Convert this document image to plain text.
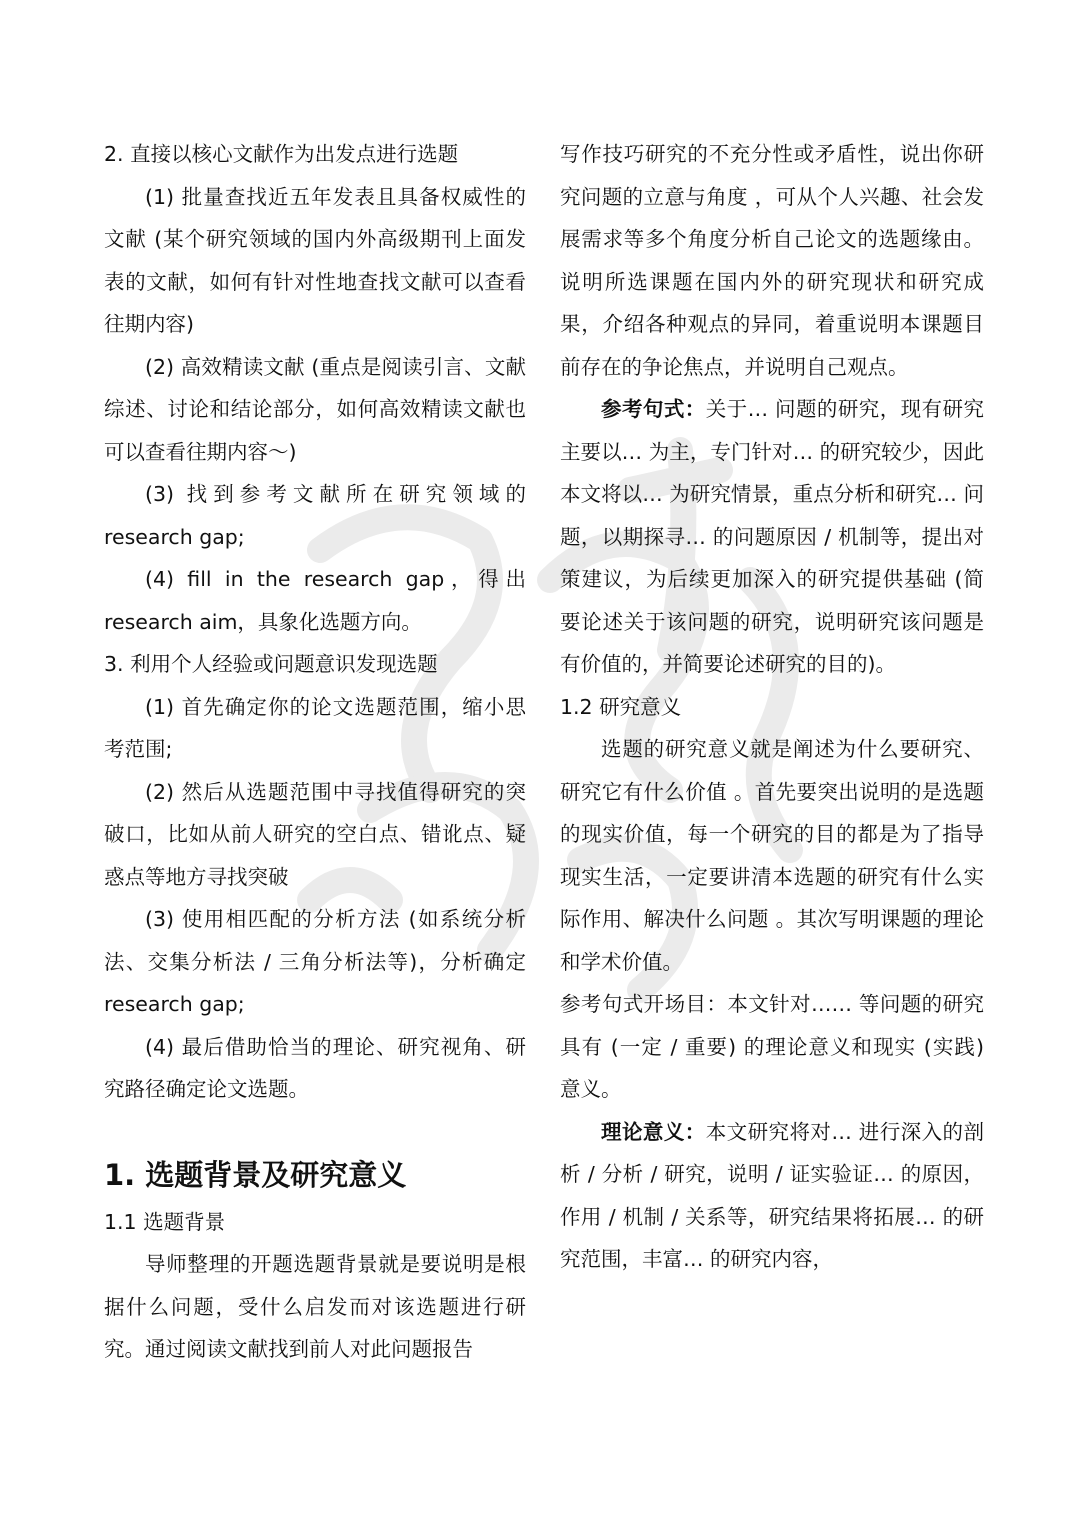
2. 直接以核心文献作为出发点进行选题

(1) 批量查找近五年发表且具备权威性的文献 (某个研究领域的国内外高级期刊上面发表的文献，如何有针对性地查找文献可以查看往期内容)

(2) 高效精读文献 (重点是阅读引言、文献综述、讨论和结论部分，如何高效精读文献也可以查看往期内容～)

(3) 找到参考文献所在研究领域的 research gap;

(4) fill in the research gap，得出 research aim，具象化选题方向。

3. 利用个人经验或问题意识发现选题

(1) 首先确定你的论文选题范围，缩小思考范围;

(2) 然后从选题范围中寻找值得研究的突破口，比如从前人研究的空白点、错讹点、疑惑点等地方寻找突破

(3) 使用相匹配的分析方法 (如系统分析法、交集分析法 / 三角分析法等)，分析确定 research gap;

(4) 最后借助恰当的理论、研究视角、研究路径确定论文选题。

1. 选题背景及研究意义

1.1 选题背景

导师整理的开题选题背景就是要说明是根据什么问题，受什么启发而对该选题进行研究。通过阅读文献找到前人对此问题报告

写作技巧研究的不充分性或矛盾性，说出你研究问题的立意与角度 ，可从个人兴趣、社会发展需求等多个角度分析自己论文的选题缘由。说明所选课题在国内外的研究现状和研究成果，介绍各种观点的异同，着重说明本课题目前存在的争论焦点，并说明自己观点。

参考句式：关于… 问题的研究，现有研究主要以… 为主，专门针对… 的研究较少，因此本文将以… 为研究情景，重点分析和研究… 问题，以期探寻… 的问题原因 / 机制等，提出对策建议，为后续更加深入的研究提供基础 (简要论述关于该问题的研究，说明研究该问题是有价值的，并简要论述研究的目的)。

1.2 研究意义

选题的研究意义就是阐述为什么要研究、研究它有什么价值 。首先要突出说明的是选题的现实价值，每一个研究的目的都是为了指导现实生活，一定要讲清本选题的研究有什么实际作用、解决什么问题 。其次写明课题的理论和学术价值。

参考句式开场目：本文针对…… 等问题的研究具有 (一定 / 重要) 的理论意义和现实 (实践) 意义。

理论意义：本文研究将对… 进行深入的剖析 / 分析 / 研究，说明 / 证实验证… 的原因，作用 / 机制 / 关系等，研究结果将拓展… 的研究范围，丰富… 的研究内容，
